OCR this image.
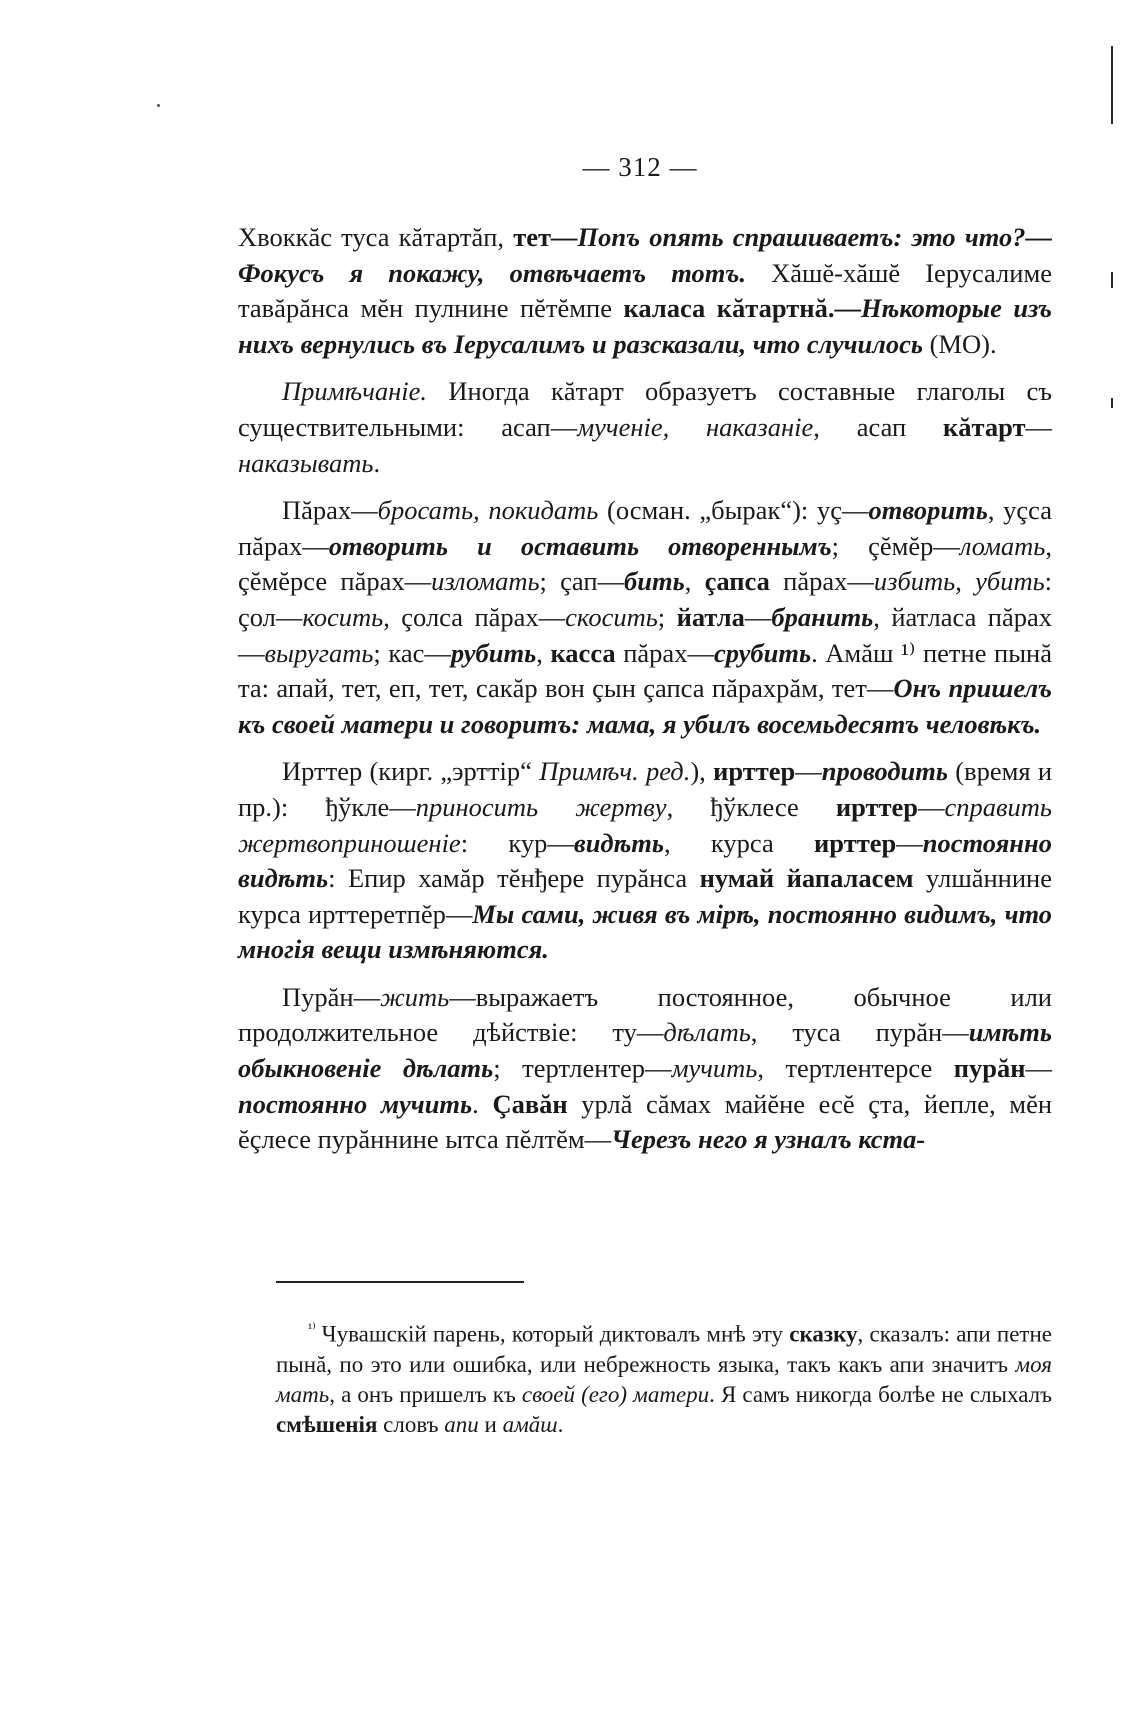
— 312 —

Хвоккăс туса кăтартăп, тет—Попъ опять спрашиваетъ: это что?—Фокусъ я покажу, отвѣчаетъ тотъ. Хăшĕ-хăшĕ Іерусалиме тавăрăнса мĕн пулнине пĕтĕмпе каласа кăтартнă.—Нѣкоторые изъ нихъ вернулись въ Іерусалимъ и разсказали, что случилось (МО).

Примѣчаніе. Иногда кăтарт образуетъ составные глаголы съ существительными: асап—мученіе, наказаніе, асап кăтарт—наказывать.

Пăрах—бросать, покидать (осман. „бырак“): уç—отворить, уçса пăрах—отворить и оставить отвореннымъ; çĕмĕр—ломать, çĕмĕрсе пăрах—изломать; çап—бить, çапса пăрах—избить, убить: çол—косить, çолса пăрах—скосить; йатла—бранить, йатласа пăрах—выругать; кас—рубить, касса пăрах—срубить. Амăш ¹⁾ петне пынă та: апай, тет, еп, тет, сакăр вон çын çапса пăрахрăм, тет—Онъ пришелъ къ своей матери и говоритъ: мама, я убилъ восемьдесятъ человѣкъ.

Ирттер (кирг. „эрттір“ Примѣч. ред.), ирттер—проводить (время и пр.): ђўкле—приносить жертву, ђўклесе ирттер—справить жертвоприношеніе: кур—видѣть, курса ирттер—постоянно видѣть: Епир хамăр тĕнђере пурăнса нумай йапаласем улшăннине курса ирттеретпĕр—Мы сами, живя въ мірѣ, постоянно видимъ, что многія вещи измѣняются.

Пурăн—жить—выражаетъ постоянное, обычное или продолжительное дѣйствіе: ту—дѣлать, туса пурăн—имѣть обыкновеніе дѣлать; тертлентер—мучить, тертлентерсе пурăн—постоянно мучить. Çавăн урлă сăмах майĕне есĕ çта, йепле, мĕн ĕçлесе пурăннине ытса пĕлтĕм—Черезъ него я узналъ кста-

$^{^{1)}}$ Чувашскій парень, который диктовалъ мнѣ эту сказку, сказалъ: апи петне пынă, по это или ошибка, или небрежность языка, такъ какъ апи значитъ моя мать, а онъ пришелъ къ своей (его) матери. Я самъ никогда болѣе не слыхалъ смѣшенія словъ апи и амăш.
